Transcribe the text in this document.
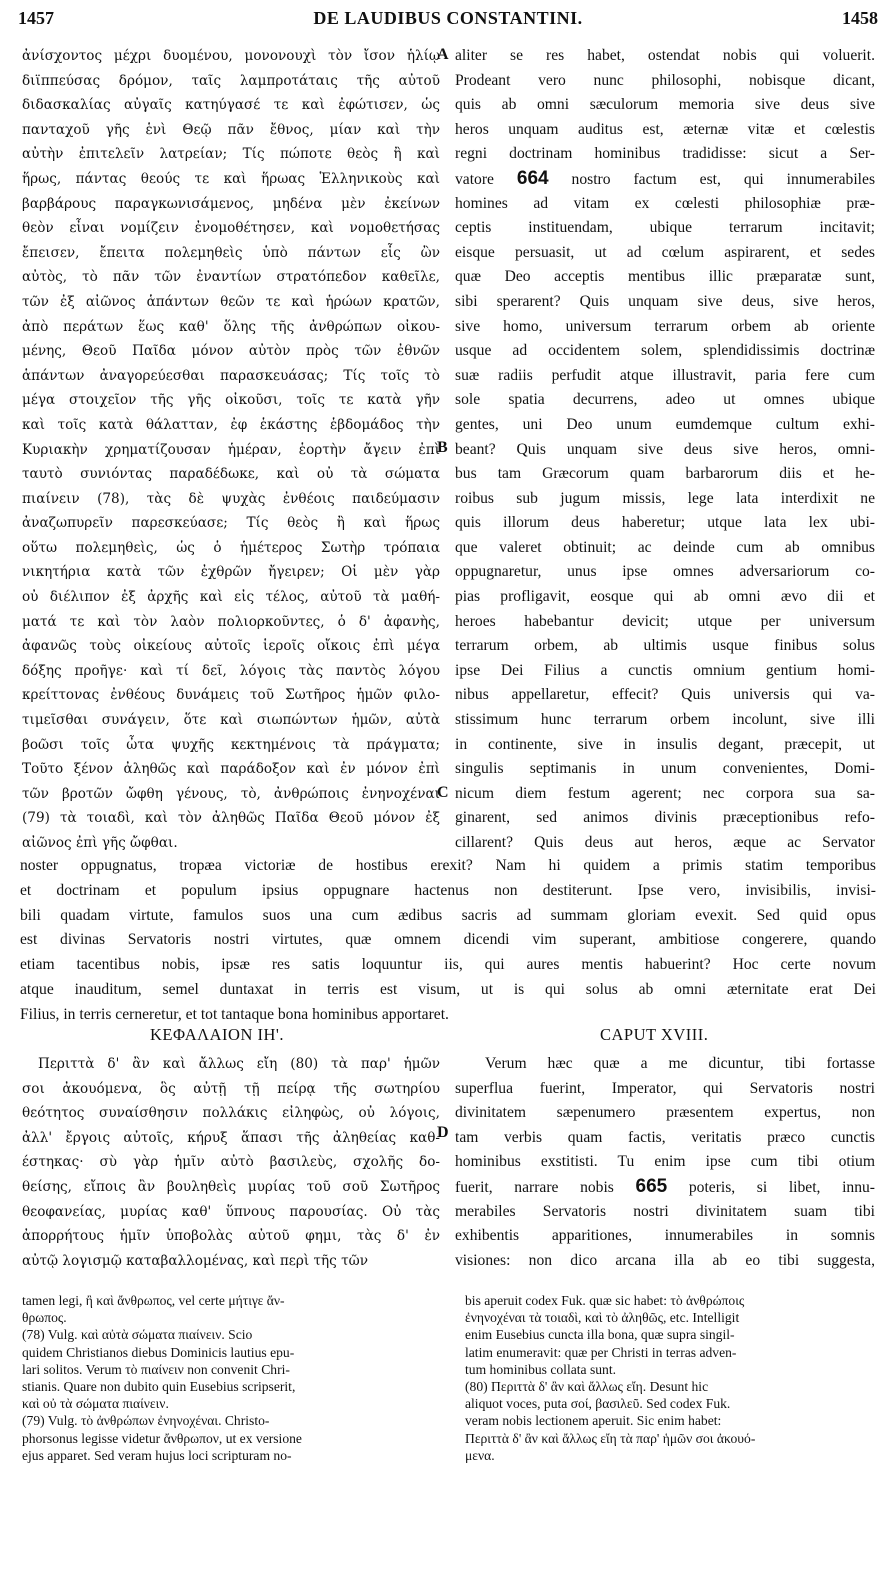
1457	DE LAUDIBUS CONSTANTINI.	1458
ἀνίσχοντος μέχρι δυομένου, μονονουχὶ τὸν ἴσον ἡλίῳ
διϊππεύσας δρόμον, ταῖς λαμπροτάταις τῆς αὐτοῦ
διδασκαλίας αὐγαῖς κατηύγασέ τε καὶ ἐφώτισεν, ὡς
πανταχοῦ γῆς ἑνὶ Θεῷ πᾶν ἔθνος, μίαν καὶ τὴν
αὐτὴν ἐπιτελεῖν λατρείαν; Τίς πώποτε θεὸς ἢ καὶ
ἥρως, πάντας θεούς τε καὶ ἥρωας Ἑλληνικοὺς καὶ
βαρβάρους παραγκωνισάμενος, μηδένα μὲν ἐκείνων
θεὸν εἶναι νομίζειν ἐνομοθέτησεν, καὶ νομοθετήσας
ἔπεισεν, ἔπειτα πολεμηθεὶς ὑπὸ πάντων εἷς ὢν
αὐτὸς, τὸ πᾶν τῶν ἐναντίων στρατόπεδον καθεῖλε,
τῶν ἐξ αἰῶνος ἁπάντων θεῶν τε καὶ ἡρώων κρατῶν,
ἀπὸ περάτων ἕως καθ' ὅλης τῆς ἀνθρώπων οἰκου-
μένης, Θεοῦ Παῖδα μόνον αὐτὸν πρὸς τῶν ἐθνῶν
ἁπάντων ἀναγορεύεσθαι παρασκευάσας; Τίς τοῖς τὸ
μέγα στοιχεῖον τῆς γῆς οἰκοῦσι, τοῖς τε κατὰ γῆν
καὶ τοῖς κατὰ θάλατταν, ἐφ ἑκάστης ἑβδομάδος τὴν
Κυριακὴν χρηματίζουσαν ἡμέραν, ἑορτὴν ἄγειν ἐπὶ
ταυτὸ συνιόντας παραδέδωκε, καὶ οὐ τὰ σώματα
πιαίνειν (78), τὰς δὲ ψυχὰς ἐνθέοις παιδεύμασιν
ἀναζωπυρεῖν παρεσκεύασε; Τίς θεὸς ἢ καὶ ἥρως
οὕτω πολεμηθεὶς, ὡς ὁ ἡμέτερος Σωτὴρ τρόπαια
νικητήρια κατὰ τῶν ἐχθρῶν ἤγειρεν; Οἱ μὲν γὰρ
οὐ διέλιπον ἐξ ἀρχῆς καὶ εἰς τέλος, αὐτοῦ τὰ μαθή-
ματά τε καὶ τὸν λαὸν πολιορκοῦντες, ὁ δ' ἀφανὴς,
ἀφανῶς τοὺς οἰκείους αὐτοῖς ἱεροῖς οἴκοις ἐπὶ μέγα
δόξης προῆγε· καὶ τί δεῖ, λόγοις τὰς παντὸς λόγου
κρείττονας ἐνθέους δυνάμεις τοῦ Σωτῆρος ἡμῶν φιλο-
τιμεῖσθαι συνάγειν, ὅτε καὶ σιωπώντων ἡμῶν, αὐτὰ
βοῶσι τοῖς ὦτα ψυχῆς κεκτημένοις τὰ πράγματα;
Τοῦτο ξένον ἀληθῶς καὶ παράδοξον καὶ ἐν μόνον ἐπὶ
τῶν βροτῶν ὤφθη γένους, τὸ, ἀνθρώποις ἐνηνοχέναι
(79) τὰ τοιαδὶ, καὶ τὸν ἀληθῶς Παῖδα Θεοῦ μόνον ἐξ
αἰῶνος ἐπὶ γῆς ὤφθαι.
aliter se res habet, ostendat nobis qui voluerit.
Prodeant vero nunc philosophi, nobisque dicant,
quis ab omni sæculorum memoria sive deus sive
heros unquam auditus est, æternæ vitæ et cœlestis
regni doctrinam hominibus tradidisse: sicut a Ser-
vatore 664 nostro factum est, qui innumerabiles
homines ad vitam ex cœlesti philosophiæ præ-
ceptis instituendam, ubique terrarum incitavit;
eisque persuasit, ut ad cœlum aspirarent, et sedes
quæ Deo acceptis mentibus illic præparatæ sunt,
sibi sperarent? Quis unquam sive deus, sive heros,
sive homo, universum terrarum orbem ab oriente
usque ad occidentem solem, splendidissimis doctrinæ
suæ radiis perfudit atque illustravit, paria fere cum
sole spatia decurrens, adeo ut omnes ubique
gentes, uni Deo unum eumdemque cultum exhi-
beant? Quis unquam sive deus sive heros, omni-
bus tam Græcorum quam barbarorum diis et he-
roibus sub jugum missis, lege lata interdixit ne
quis illorum deus haberetur; utque lata lex ubi-
que valeret obtinuit; ac deinde cum ab omnibus
oppugnaretur, unus ipse omnes adversariorum co-
pias profligavit, eosque qui ab omni ævo dii et
heroes habebantur devicit; utque per universum
terrarum orbem, ab ultimis usque finibus solus
ipse Dei Filius a cunctis omnium gentium homi-
nibus appellaretur, effecit? Quis universis qui va-
stissimum hunc terrarum orbem incolunt, sive illi
in continente, sive in insulis degant, præcepit, ut
singulis septimanis in unum convenientes, Domi-
nicum diem festum agerent; nec corpora sua sa-
ginarent, sed animos divinis præceptionibus refo-
cillarent? Quis deus aut heros, æque ac Servator
A
B
C
D
noster oppugnatus, tropæa victoriæ de hostibus erexit? Nam hi quidem a primis statim temporibus
et doctrinam et populum ipsius oppugnare hactenus non destiterunt. Ipse vero, invisibilis, invisi-
bili quadam virtute, famulos suos una cum ædibus sacris ad summam gloriam evexit. Sed quid opus
est divinas Servatoris nostri virtutes, quæ omnem dicendi vim superant, ambitiose congerere, quando
etiam tacentibus nobis, ipsæ res satis loquuntur iis, qui aures mentis habuerint? Hoc certe novum
atque inauditum, semel duntaxat in terris est visum, ut is qui solus ab omni æternitate erat Dei
Filius, in terris cerneretur, et tot tantaque bona hominibus apportaret.
ΚΕΦΑΛΑΙΟΝ ΙΗ'.	CAPUT XVIII.
Περιττὰ δ' ἂν καὶ ἄλλως εἴη (80) τὰ παρ' ἡμῶν
σοι ἀκουόμενα, ὃς αὐτῇ τῇ πείρᾳ τῆς σωτηρίου
θεότητος συναίσθησιν πολλάκις εἰληφὼς, οὐ λόγοις,
ἀλλ' ἔργοις αὐτοῖς, κήρυξ ἅπασι τῆς ἀληθείας καθ-
έστηκας· σὺ γὰρ ἡμῖν αὐτὸ βασιλεὺς, σχολῆς δο-
θείσης, εἴποις ἂν βουληθεὶς μυρίας τοῦ σοῦ Σωτῆρος
θεοφανείας, μυρίας καθ' ὕπνους παρουσίας. Οὐ τὰς
ἀπορρήτους ἡμῖν ὑποβολὰς αὐτοῦ φημι, τὰς δ' ἐν
αὐτῷ λογισμῷ καταβαλλομένας, καὶ περὶ τῆς τῶν
Verum hæc quæ a me dicuntur, tibi fortasse
superflua fuerint, Imperator, qui Servatoris nostri
divinitatem sæpenumero præsentem expertus, non
tam verbis quam factis, veritatis præco cunctis
hominibus exstitisti. Tu enim ipse cum tibi otium
fuerit, narrare nobis 665 poteris, si libet, innu-
merabiles Servatoris nostri divinitatem suam tibi
exhibentis apparitiones, innumerabiles in somnis
visiones: non dico arcana illa ab eo tibi suggesta,
tamen legi, ἢ καὶ ἄνθρωπος, vel certe μήτιγε ἄν-
θρωπος.
(78) Vulg. καὶ αὐτὰ σώματα πιαίνειν. Scio
quidem Christianos diebus Dominicis lautius epu-
lari solitos. Verum τὸ πιαίνειν non convenit Chri-
stianis. Quare non dubito quin Eusebius scripserit,
καὶ οὐ τὰ σώματα πιαίνειν.
(79) Vulg. τὸ ἀνθρώπων ἐνηνοχέναι. Christo-
phorsonus legisse videtur ἄνθρωπον, ut ex versione
ejus apparet. Sed veram hujus loci scripturam no-
bis aperuit codex Fuk. quæ sic habet: τὸ ἀνθρώποις
ἐνηνοχέναι τὰ τοιαδὶ, καὶ τὸ ἀληθῶς, etc. Intelligit
enim Eusebius cuncta illa bona, quæ supra singil-
latim enumeravit: quæ per Christi in terras adven-
tum hominibus collata sunt.
(80) Περιττὰ δ' ἂν καὶ ἄλλως εἴη. Desunt hic
aliquot voces, puta σοί, βασιλεῦ. Sed codex Fuk.
veram nobis lectionem aperuit. Sic enim habet:
Περιττὰ δ' ἂν καὶ ἄλλως εἴη τὰ παρ' ἡμῶν σοι ἀκουό-
μενα.
